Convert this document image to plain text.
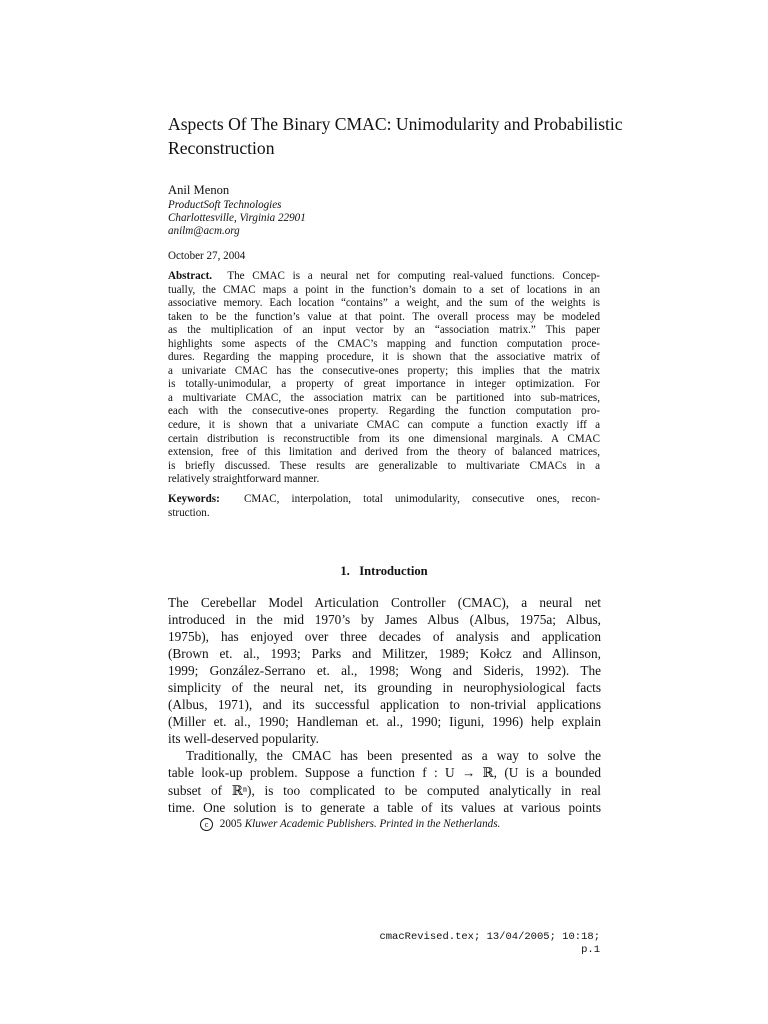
Aspects Of The Binary CMAC: Unimodularity and Probabilistic
Reconstruction
Anil Menon
ProductSoft Technologies
Charlottesville, Virginia 22901
anilm@acm.org
October 27, 2004
Abstract. The CMAC is a neural net for computing real-valued functions. Concep-
tually, the CMAC maps a point in the function’s domain to a set of locations in an
associative memory. Each location “contains” a weight, and the sum of the weights is
taken to be the function’s value at that point. The overall process may be modeled
as the multiplication of an input vector by an “association matrix.” This paper
highlights some aspects of the CMAC’s mapping and function computation proce-
dures. Regarding the mapping procedure, it is shown that the associative matrix of
a univariate CMAC has the consecutive-ones property; this implies that the matrix
is totally-unimodular, a property of great importance in integer optimization. For
a multivariate CMAC, the association matrix can be partitioned into sub-matrices,
each with the consecutive-ones property. Regarding the function computation pro-
cedure, it is shown that a univariate CMAC can compute a function exactly iff a
certain distribution is reconstructible from its one dimensional marginals. A CMAC
extension, free of this limitation and derived from the theory of balanced matrices,
is briefly discussed. These results are generalizable to multivariate CMACs in a
relatively straightforward manner.
Keywords: CMAC, interpolation, total unimodularity, consecutive ones, recon-
struction.
1.   Introduction
The Cerebellar Model Articulation Controller (CMAC), a neural net
introduced in the mid 1970’s by James Albus (Albus, 1975a; Albus,
1975b), has enjoyed over three decades of analysis and application
(Brown et. al., 1993; Parks and Militzer, 1989; Kołcz and Allinson,
1999; González-Serrano et. al., 1998; Wong and Sideris, 1992). The
simplicity of the neural net, its grounding in neurophysiological facts
(Albus, 1971), and its successful application to non-trivial applications
(Miller et. al., 1990; Handleman et. al., 1990; Iiguni, 1996) help explain
its well-deserved popularity.
Traditionally, the CMAC has been presented as a way to solve the
table look-up problem. Suppose a function f : U → ℝ, (U is a bounded
subset of ℝⁿ), is too complicated to be computed analytically in real
time. One solution is to generate a table of its values at various points
c 2005 Kluwer Academic Publishers. Printed in the Netherlands.
cmacRevised.tex; 13/04/2005; 10:18; p.1
